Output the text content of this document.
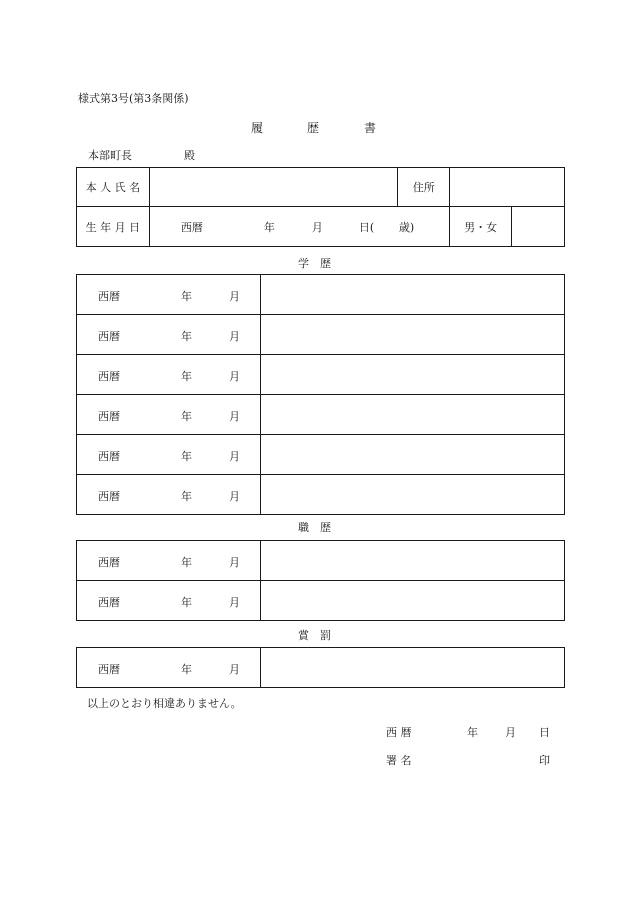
様式第3号(第3条関係)
履	歴	書
本部町長	殿
本 人 氏 名		住所		
生 年 月 日	西暦 年 月 日( 歳)		男・女	
学　歴
西暦 年 月	

西暦 年 月	

西暦 年 月	

西暦 年 月	

西暦 年 月	

西暦 年 月	

職　歴
西暦 年 月	

西暦 年 月	

賞　罰
西暦	年	月

以上のとおり相違ありません。
西 暦	年 月 日
署 名	印
